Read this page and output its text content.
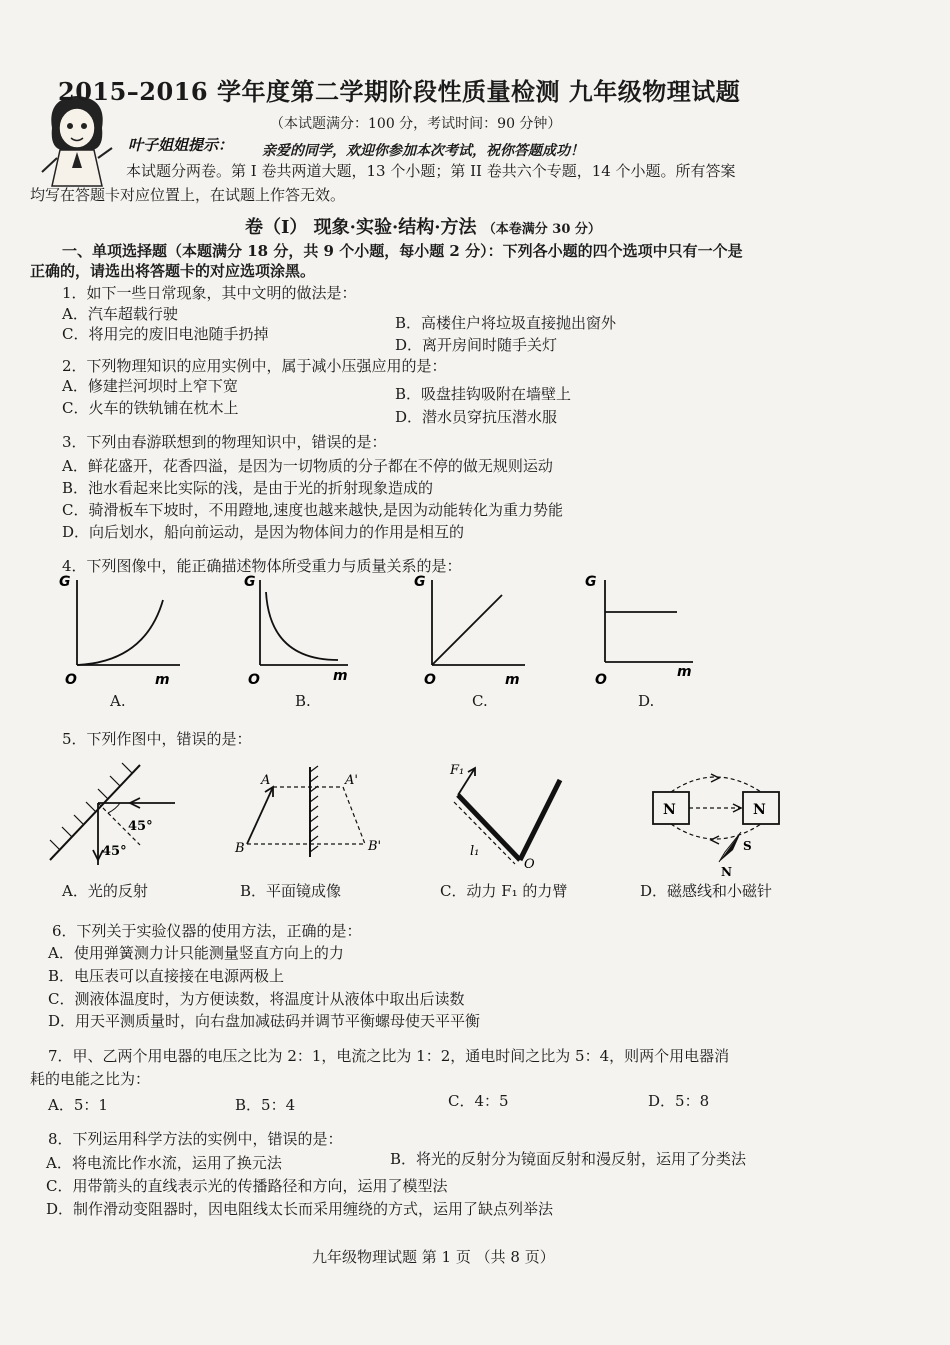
2015–2016 学年度第二学期阶段性质量检测 九年级物理试题
（本试题满分：100 分，考试时间：90 分钟）
叶子姐姐提示： 亲爱的同学，欢迎你参加本次考试，祝你答题成功！
本试题分两卷。第 I 卷共两道大题，13 个小题；第 II 卷共六个专题，14 个小题。所有答案
均写在答题卡对应位置上，在试题上作答无效。
卷（I） 现象·实验·结构·方法 （本卷满分 30 分）
一、单项选择题（本题满分 18 分，共 9 个小题，每小题 2 分）：下列各小题的四个选项中只有一个是
正确的，请选出将答题卡的对应选项涂黑。
1．如下一些日常现象，其中文明的做法是：
A．汽车超载行驶	B．高楼住户将垃圾直接抛出窗外
C．将用完的废旧电池随手扔掉
D．离开房间时随手关灯
2．下列物理知识的应用实例中，属于减小压强应用的是：
A．修建拦河坝时上窄下宽	B．吸盘挂钩吸附在墙壁上
C．火车的铁轨铺在枕木上	D．潜水员穿抗压潜水服
3．下列由春游联想到的物理知识中，错误的是：
A．鲜花盛开，花香四溢，是因为一切物质的分子都在不停的做无规则运动
B．池水看起来比实际的浅，是由于光的折射现象造成的
C．骑滑板车下坡时，不用蹬地,速度也越来越快,是因为动能转化为重力势能
D．向后划水，船向前运动，是因为物体间力的作用是相互的
4．下列图像中，能正确描述物体所受重力与质量关系的是：
G
O	m
A.
G
O	m
B.
G
O	m
C.
G
O	m
D.
5．下列作图中，错误的是：
45°
45°
A．光的反射
A	A'
B	B'
B．平面镜成像
F₁
l₁
O
C．动力 F₁ 的力臂
N	N
S
N
D．磁感线和小磁针
6．下列关于实验仪器的使用方法，正确的是：
A．使用弹簧测力计只能测量竖直方向上的力
B．电压表可以直接接在电源两极上
C．测液体温度时，为方便读数，将温度计从液体中取出后读数
D．用天平测质量时，向右盘加减砝码并调节平衡螺母使天平平衡
7．甲、乙两个用电器的电压之比为 2：1，电流之比为 1：2，通电时间之比为 5：4，则两个用电器消
耗的电能之比为：
A．5：1	B．5：4	C．4：5	D．5：8
8．下列运用科学方法的实例中，错误的是：
A．将电流比作水流，运用了换元法	B．将光的反射分为镜面反射和漫反射，运用了分类法
C．用带箭头的直线表示光的传播路径和方向，运用了模型法
D．制作滑动变阻器时，因电阻线太长而采用缠绕的方式，运用了缺点列举法
九年级物理试题 第 1 页 （共 8 页）
